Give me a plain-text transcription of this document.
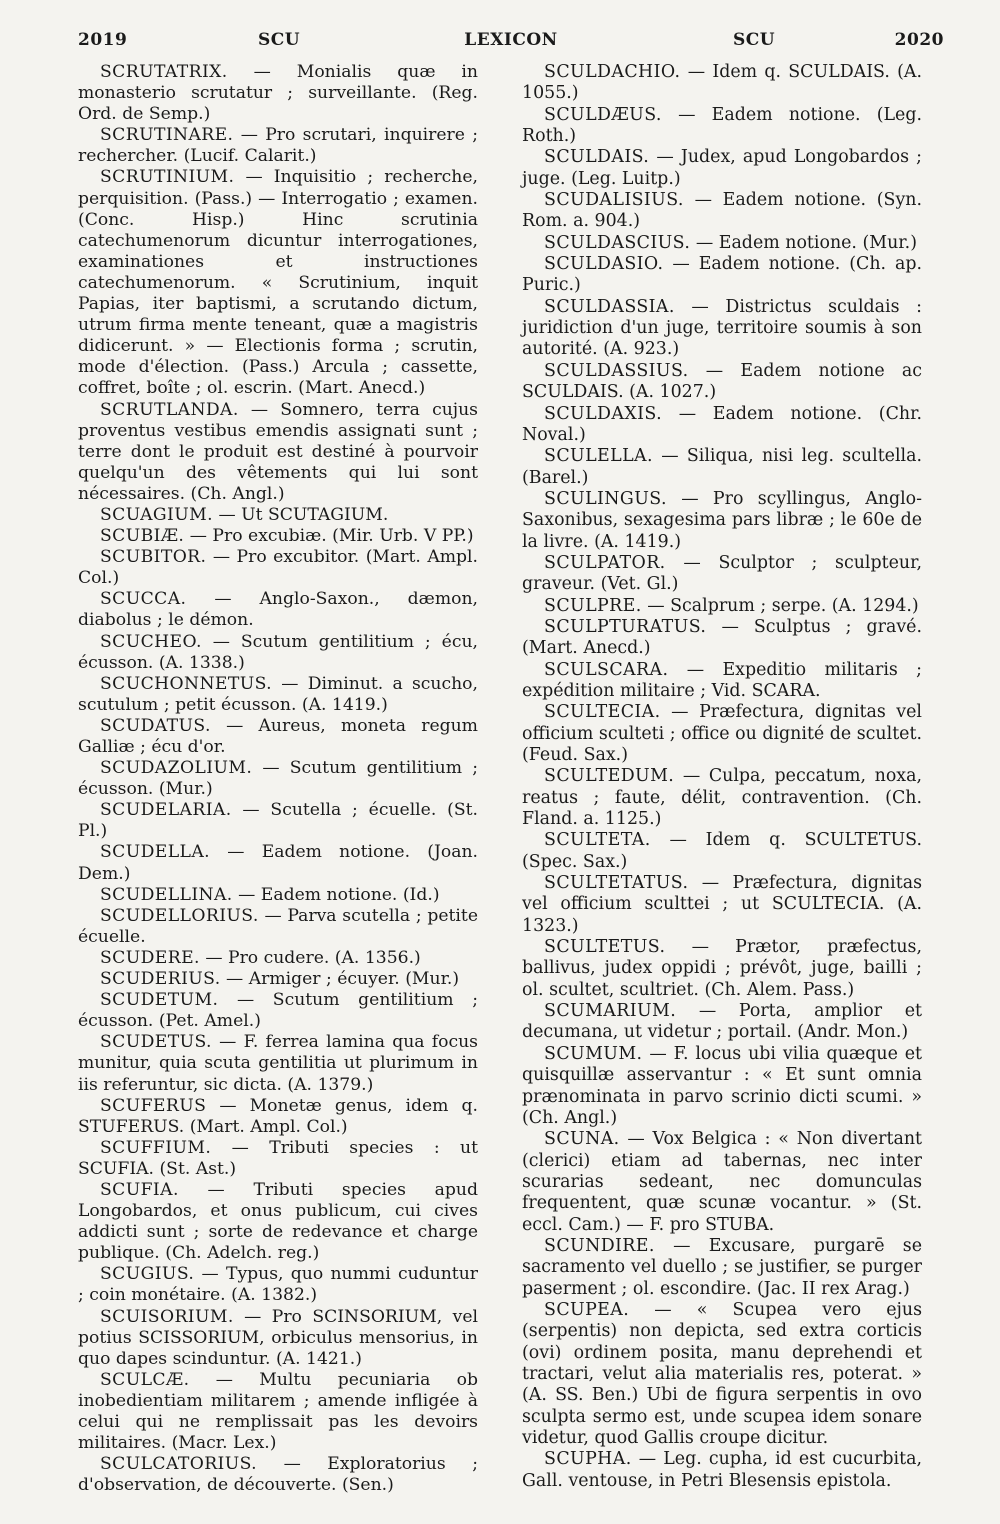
2019	SCU	LEXICON	SCU	2020

SCRUTATRIX. — Monialis quæ in monasterio scrutatur ; surveillante. (Reg. Ord. de Semp.)

SCRUTINARE. — Pro scrutari, inquirere ; rechercher. (Lucif. Calarit.)

SCRUTINIUM. — Inquisitio ; recherche, perquisition. (Pass.) — Interrogatio ; examen. (Conc. Hisp.) Hinc scrutinia catechumenorum dicuntur interrogationes, examinationes et instructiones catechumenorum. « Scrutinium, inquit Papias, iter baptismi, a scrutando dictum, utrum firma mente teneant, quæ a magistris didicerunt. » — Electionis forma ; scrutin, mode d'élection. (Pass.) Arcula ; cassette, coffret, boîte ; ol. escrin. (Mart. Anecd.)

SCRUTLANDA. — Somnero, terra cujus proventus vestibus emendis assignati sunt ; terre dont le produit est destiné à pourvoir quelqu'un des vêtements qui lui sont nécessaires. (Ch. Angl.)

SCUAGIUM. — Ut SCUTAGIUM.

SCUBIÆ. — Pro excubiæ. (Mir. Urb. V PP.)

SCUBITOR. — Pro excubitor. (Mart. Ampl. Col.)

SCUCCA. — Anglo-Saxon., dæmon, diabolus ; le démon.

SCUCHEO. — Scutum gentilitium ; écu, écusson. (A. 1338.)

SCUCHONNETUS. — Diminut. a scucho, scutulum ; petit écusson. (A. 1419.)

SCUDATUS. — Aureus, moneta regum Galliæ ; écu d'or.

SCUDAZOLIUM. — Scutum gentilitium ; écusson. (Mur.)

SCUDELARIA. — Scutella ; écuelle. (St. Pl.)

SCUDELLA. — Eadem notione. (Joan. Dem.)

SCUDELLINA. — Eadem notione. (Id.)

SCUDELLORIUS. — Parva scutella ; petite écuelle.

SCUDERE. — Pro cudere. (A. 1356.)

SCUDERIUS. — Armiger ; écuyer. (Mur.)

SCUDETUM. — Scutum gentilitium ; écusson. (Pet. Amel.)

SCUDETUS. — F. ferrea lamina qua focus munitur, quia scuta gentilitia ut plurimum in iis referuntur, sic dicta. (A. 1379.)

SCUFERUS — Monetæ genus, idem q. STUFERUS. (Mart. Ampl. Col.)

SCUFFIUM. — Tributi species : ut SCUFIA. (St. Ast.)

SCUFIA. — Tributi species apud Longobardos, et onus publicum, cui cives addicti sunt ; sorte de redevance et charge publique. (Ch. Adelch. reg.)

SCUGIUS. — Typus, quo nummi cuduntur ; coin monétaire. (A. 1382.)

SCUISORIUM. — Pro SCINSORIUM, vel potius SCISSORIUM, orbiculus mensorius, in quo dapes scinduntur. (A. 1421.)

SCULCÆ. — Multu pecuniaria ob inobedientiam militarem ; amende infligée à celui qui ne remplissait pas les devoirs militaires. (Macr. Lex.)

SCULCATORIUS. — Exploratorius ; d'observation, de découverte. (Sen.)

SCULDACHIO. — Idem q. SCULDAIS. (A. 1055.)

SCULDÆUS. — Eadem notione. (Leg. Roth.)

SCULDAIS. — Judex, apud Longobardos ; juge. (Leg. Luitp.)

SCUDALISIUS. — Eadem notione. (Syn. Rom. a. 904.)

SCULDASCIUS. — Eadem notione. (Mur.)

SCULDASIO. — Eadem notione. (Ch. ap. Puric.)

SCULDASSIA. — Districtus sculdais : juridiction d'un juge, territoire soumis à son autorité. (A. 923.)

SCULDASSIUS. — Eadem notione ac SCULDAIS. (A. 1027.)

SCULDAXIS. — Eadem notione. (Chr. Noval.)

SCULELLA. — Siliqua, nisi leg. scultella. (Barel.)

SCULINGUS. — Pro scyllingus, Anglo-Saxonibus, sexagesima pars libræ ; le 60e de la livre. (A. 1419.)

SCULPATOR. — Sculptor ; sculpteur, graveur. (Vet. Gl.)

SCULPRE. — Scalprum ; serpe. (A. 1294.)

SCULPTURATUS. — Sculptus ; gravé. (Mart. Anecd.)

SCULSCARA. — Expeditio militaris ; expédition militaire ; Vid. SCARA.

SCULTECIA. — Præfectura, dignitas vel officium sculteti ; office ou dignité de scultet. (Feud. Sax.)

SCULTEDUM. — Culpa, peccatum, noxa, reatus ; faute, délit, contravention. (Ch. Fland. a. 1125.)

SCULTETA. — Idem q. SCULTETUS. (Spec. Sax.)

SCULTETATUS. — Præfectura, dignitas vel officium sculttei ; ut SCULTECIA. (A. 1323.)

SCULTETUS. — Prætor, præfectus, ballivus, judex oppidi ; prévôt, juge, bailli ; ol. scultet, scultriet. (Ch. Alem. Pass.)

SCUMARIUM. — Porta, amplior et decumana, ut videtur ; portail. (Andr. Mon.)

SCUMUM. — F. locus ubi vilia quæque et quisquillæ asservantur : « Et sunt omnia prænominata in parvo scrinio dicti scumi. » (Ch. Angl.)

SCUNA. — Vox Belgica : « Non divertant (clerici) etiam ad tabernas, nec inter scurarias sedeant, nec domunculas frequentent, quæ scunæ vocantur. » (St. eccl. Cam.) — F. pro STUBA.

SCUNDIRE. — Excusare, purgarē se sacramento vel duello ; se justifier, se purger paserment ; ol. escondire. (Jac. II rex Arag.)

SCUPEA. — « Scupea vero ejus (serpentis) non depicta, sed extra corticis (ovi) ordinem posita, manu deprehendi et tractari, velut alia materialis res, poterat. » (A. SS. Ben.) Ubi de figura serpentis in ovo sculpta sermo est, unde scupea idem sonare videtur, quod Gallis croupe dicitur.

SCUPHA. — Leg. cupha, id est cucurbita, Gall. ventouse, in Petri Blesensis epistola.
